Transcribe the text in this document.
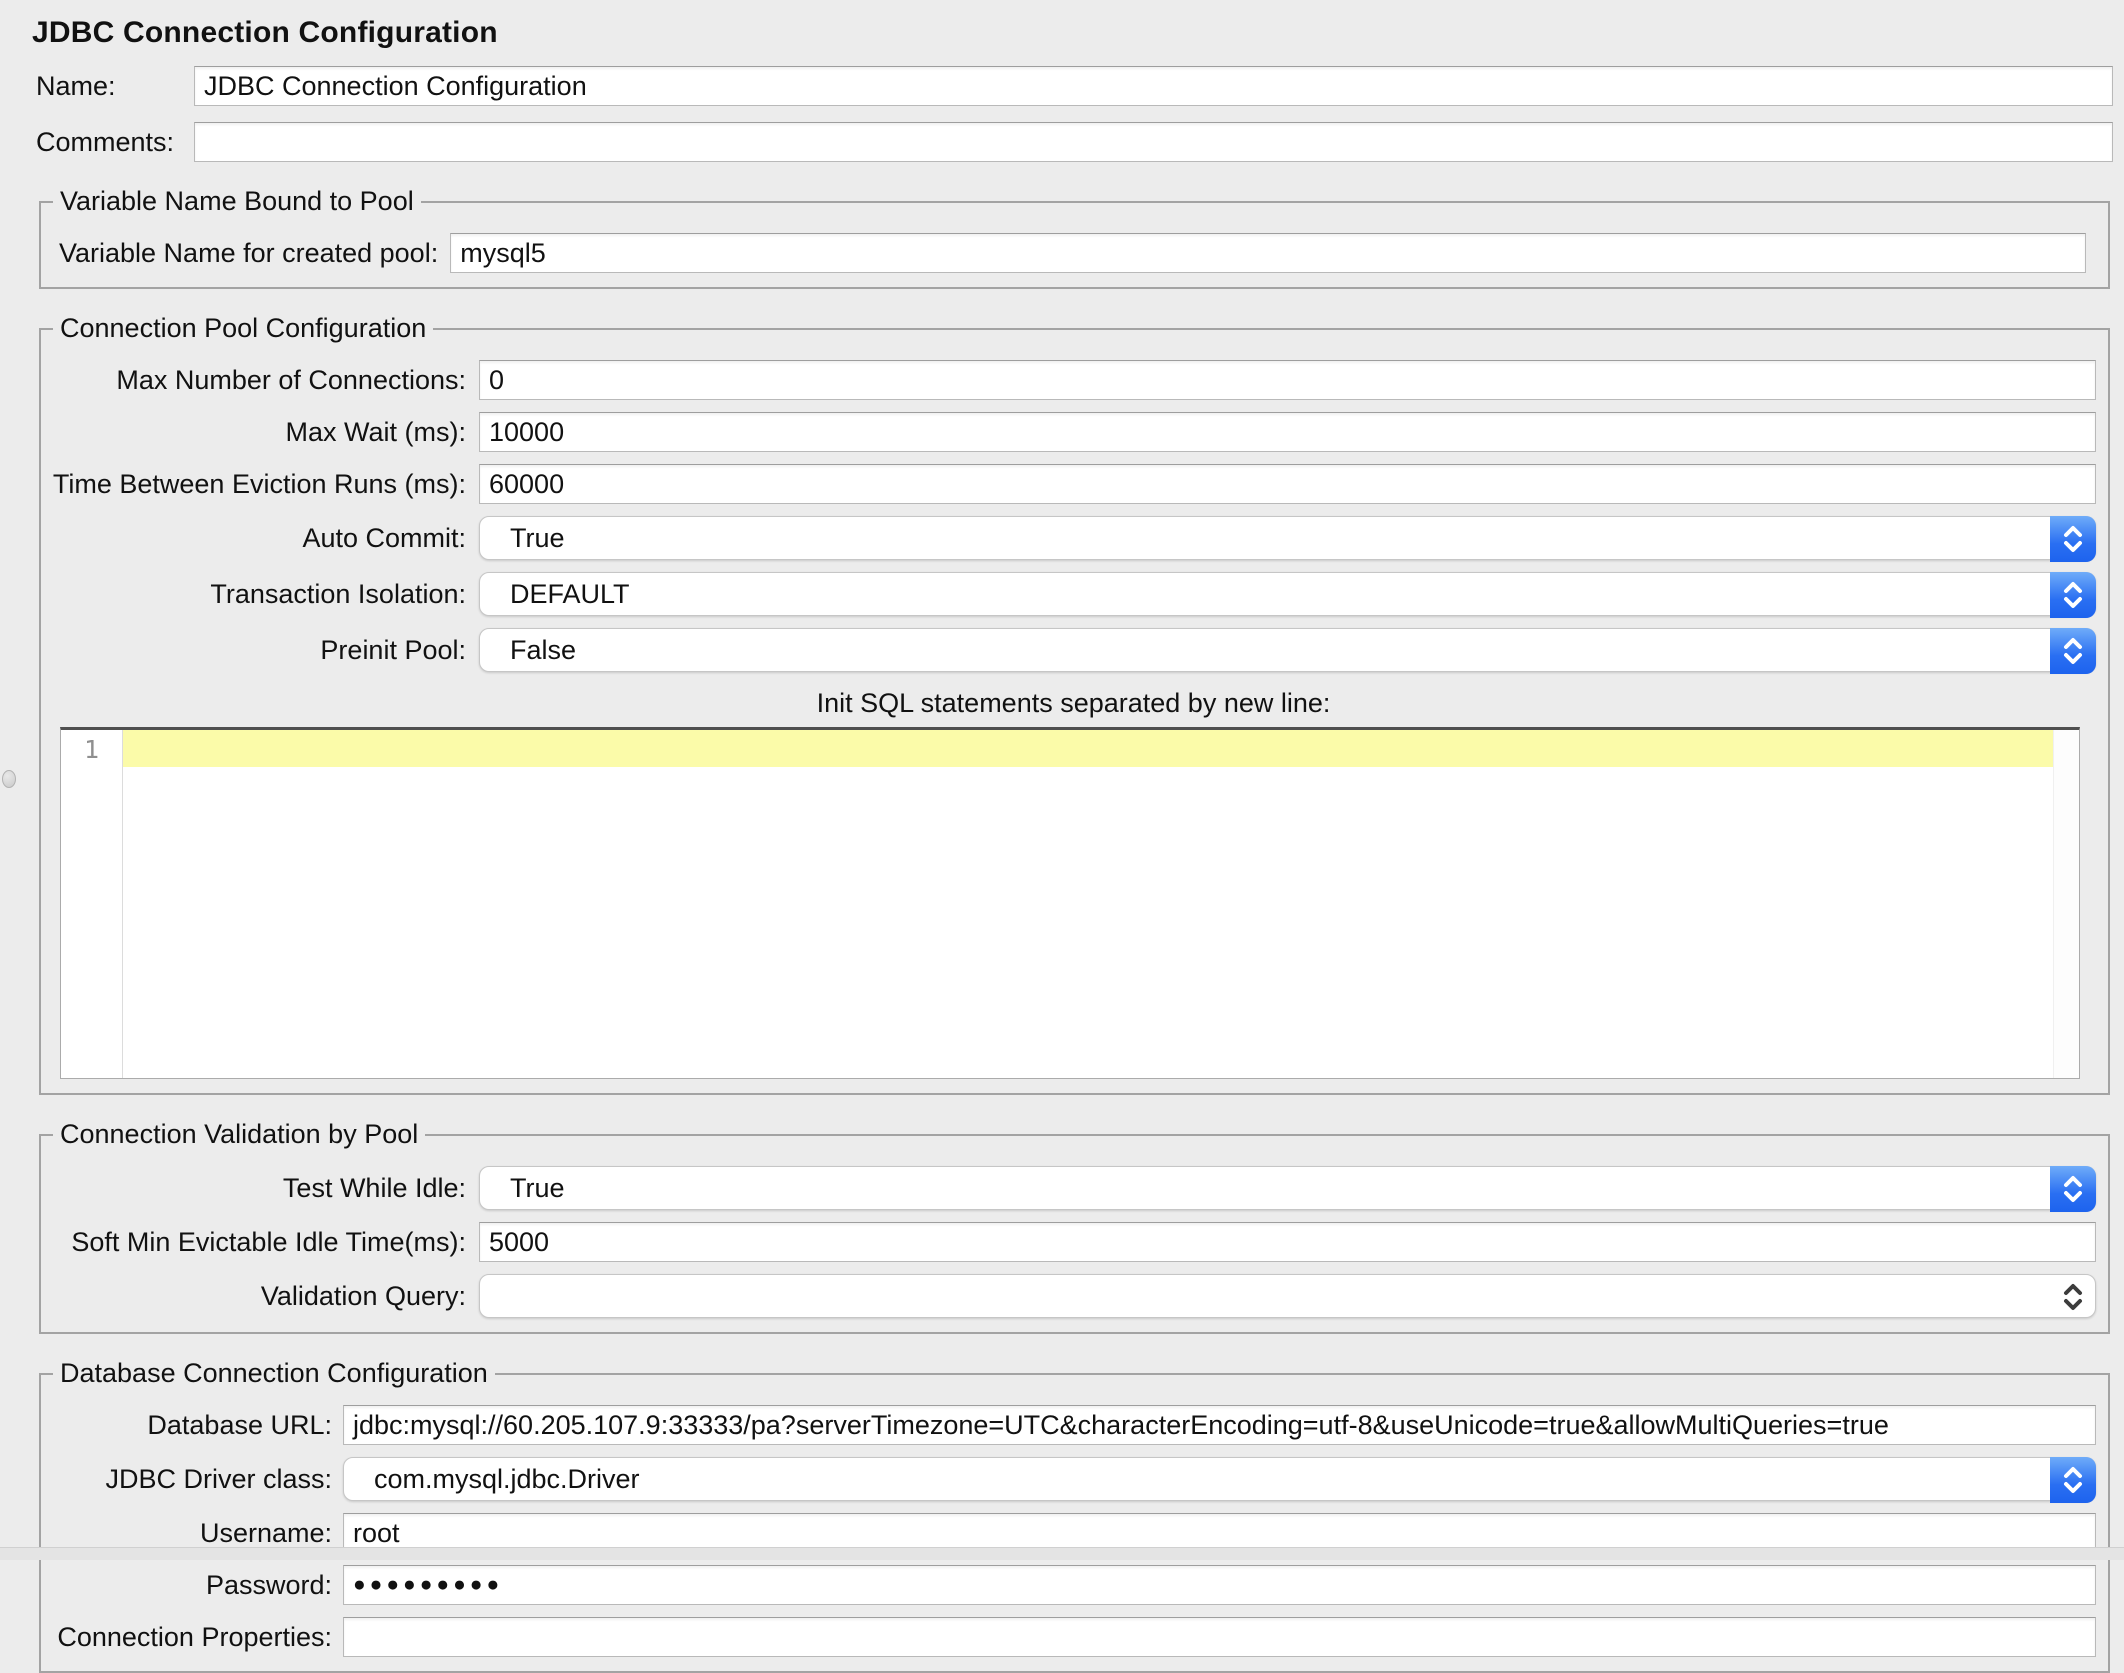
JDBC Connection Configuration
Name:	JDBC Connection Configuration
Comments:
Variable Name Bound to Pool
Variable Name for created pool: mysql5
Connection Pool Configuration
Max Number of Connections: 0
Max Wait (ms): 10000
Time Between Eviction Runs (ms): 60000
Auto Commit:	True
Transaction Isolation:	DEFAULT
Preinit Pool:	False
Init SQL statements separated by new line:
1
Connection Validation by Pool
Test While Idle:	True
Soft Min Evictable Idle Time(ms): 5000
Validation Query:
Database Connection Configuration
Database URL: jdbc:mysql://60.205.107.9:33333/pa?serverTimezone=UTC&characterEncoding=utf-8&useUnicode=true&allowMultiQueries=true
JDBC Driver class:	com.mysql.jdbc.Driver
Username: root
Password:	●●●●●●●●●
Connection Properties:
